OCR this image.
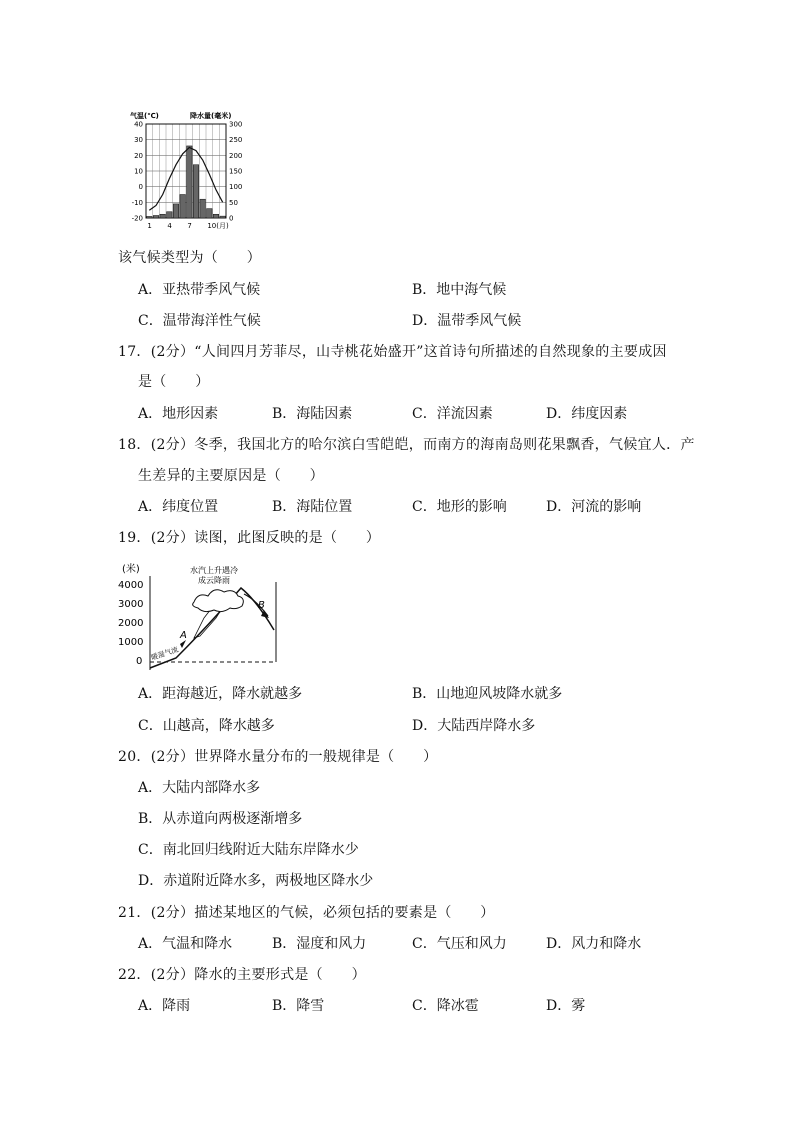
气温(℃)	降水量(毫米)
40
30
20
10
0
-10
-20
300
250
200
150
100
50
0
1 4 7 10(月)
该气候类型为（　　）
A．亚热带季风气候	B．地中海气候
C．温带海洋性气候	D．温带季风气候
17．(2分）“人间四月芳菲尽，山寺桃花始盛开”这首诗句所描述的自然现象的主要成因
是（　　）
A．地形因素	B．海陆因素	C．洋流因素	D．纬度因素
18．(2分）冬季，我国北方的哈尔滨白雪皑皑，而南方的海南岛则花果飘香，气候宜人．产
生差异的主要原因是（　　）
A．纬度位置	B．海陆位置	C．地形的影响	D．河流的影响
19．(2分）读图，此图反映的是（　　）
(米)
4000
3000
2000
1000
0
水汽上升遇冷
成云降雨
A
B
暖湿气流
A．距海越近，降水就越多	B．山地迎风坡降水就多
C．山越高，降水越多	D．大陆西岸降水多
20．(2分）世界降水量分布的一般规律是（　　）
A．大陆内部降水多
B．从赤道向两极逐渐增多
C．南北回归线附近大陆东岸降水少
D．赤道附近降水多，两极地区降水少
21．(2分）描述某地区的气候，必须包括的要素是（　　）
A．气温和降水	B．湿度和风力	C．气压和风力	D．风力和降水
22．(2分）降水的主要形式是（　　）
A．降雨	B．降雪	C．降冰雹	D．雾
